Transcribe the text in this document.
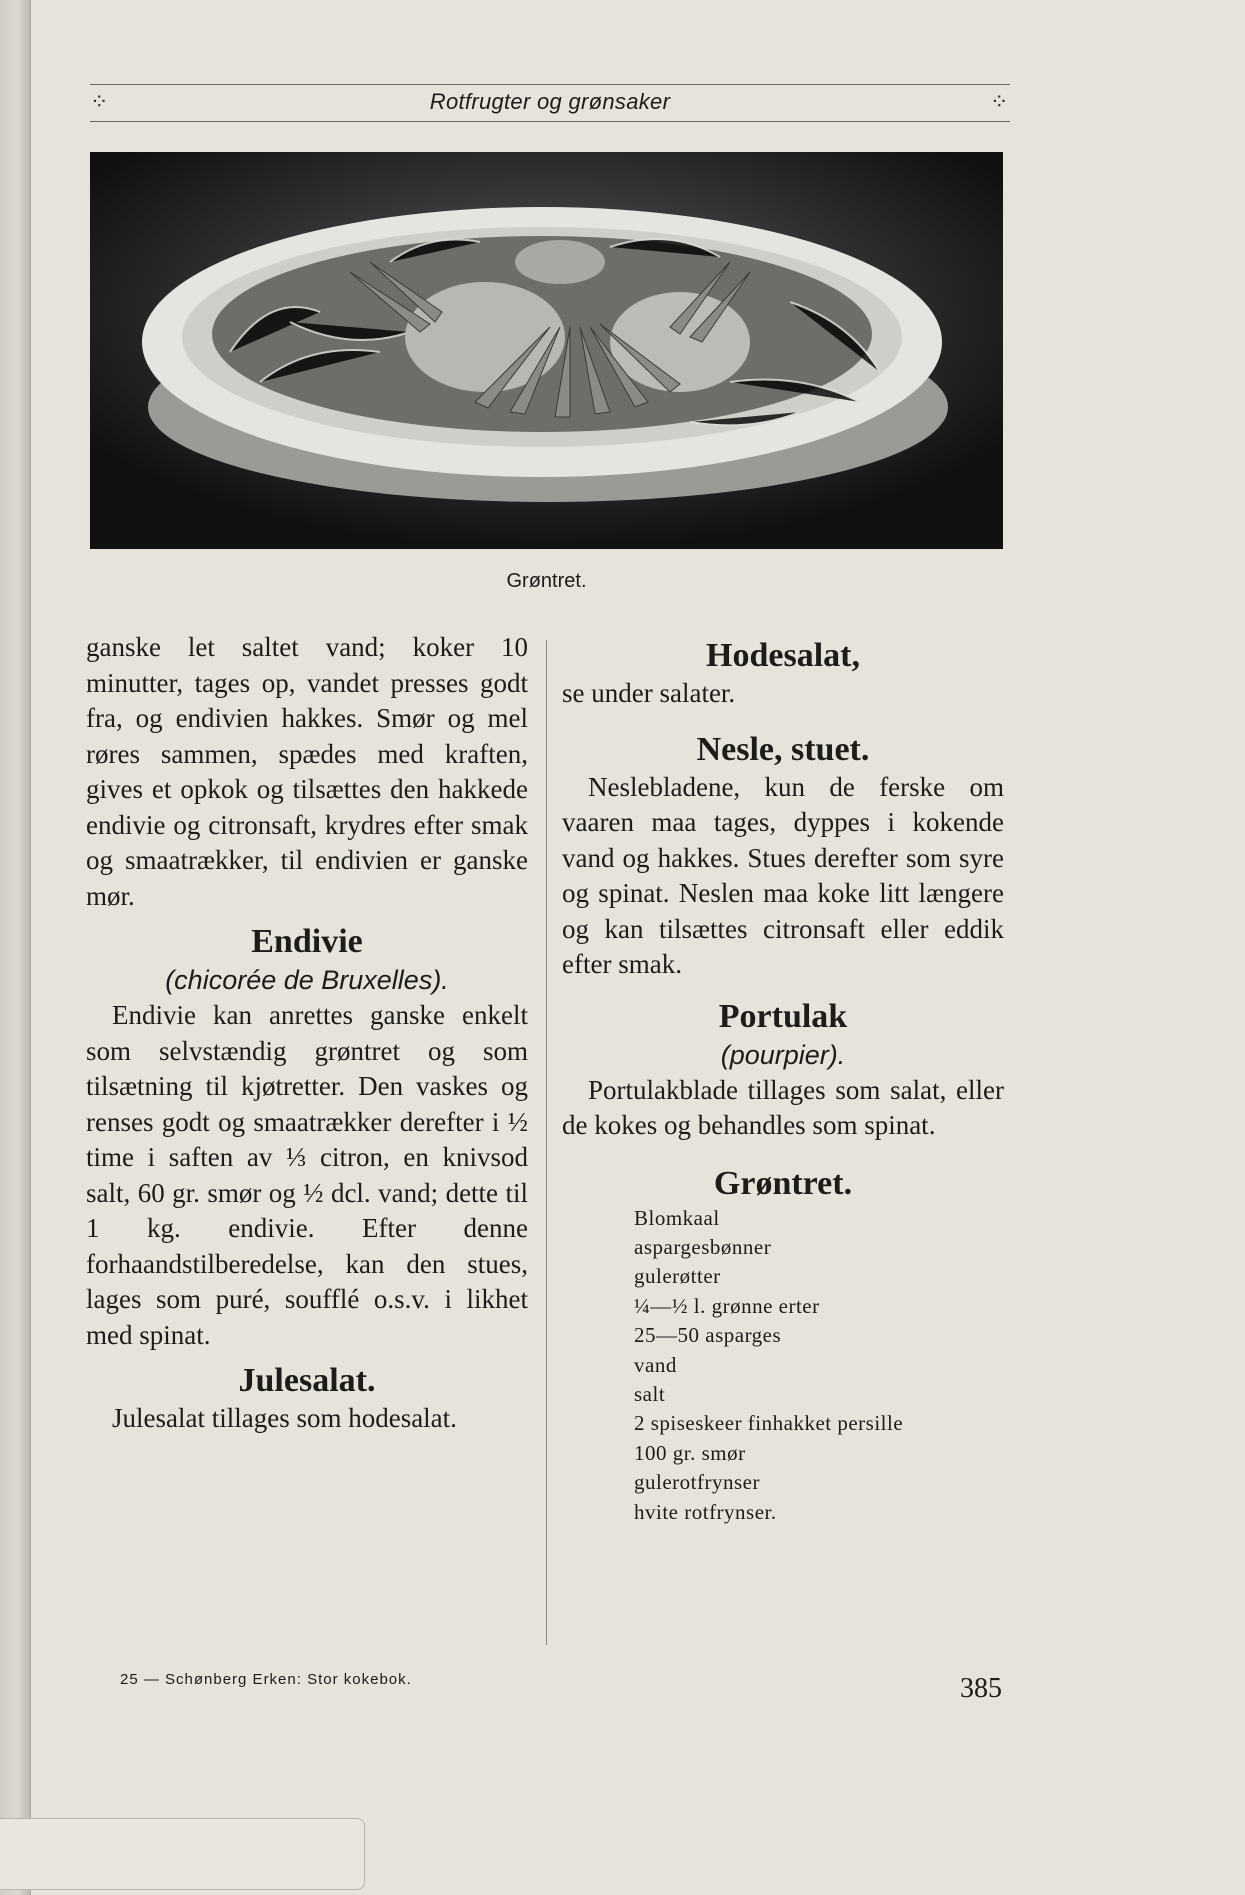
⁘	Rotfrugter og grønsaker	⁘
Grøntret.

ganske let saltet vand; koker 10 minutter, tages op, vandet presses godt fra, og endivien hakkes. Smør og mel røres sammen, spædes med kraften, gives et opkok og tilsættes den hakkede endivie og citronsaft, krydres efter smak og smaatrækker, til endivien er ganske mør.

Endivie

(chicorée de Bruxelles).

Endivie kan anrettes ganske enkelt som selvstændig grøntret og som tilsætning til kjøtretter. Den vaskes og renses godt og smaatrækker derefter i ½ time i saften av ⅓ citron, en knivsod salt, 60 gr. smør og ½ dcl. vand; dette til 1 kg. endivie. Efter denne forhaandstilberedelse, kan den stues, lages som puré, soufflé o.s.v. i likhet med spinat.

Julesalat.

Julesalat tillages som hodesalat.

Hodesalat,

se under salater.

Nesle, stuet.

Neslebladene, kun de ferske om vaaren maa tages, dyppes i kokende vand og hakkes. Stues derefter som syre og spinat. Neslen maa koke litt længere og kan tilsættes citronsaft eller eddik efter smak.

Portulak

(pourpier).

Portulakblade tillages som salat, eller de kokes og behandles som spinat.

Grøntret.
Blomkaal
aspargesbønner
gulerøtter
¼—½ l. grønne erter
25—50 asparges
vand
salt
2 spiseskeer finhakket persille
100 gr. smør
gulerotfrynser
hvite rotfrynser.
25 — Schønberg Erken: Stor kokebok.	385
